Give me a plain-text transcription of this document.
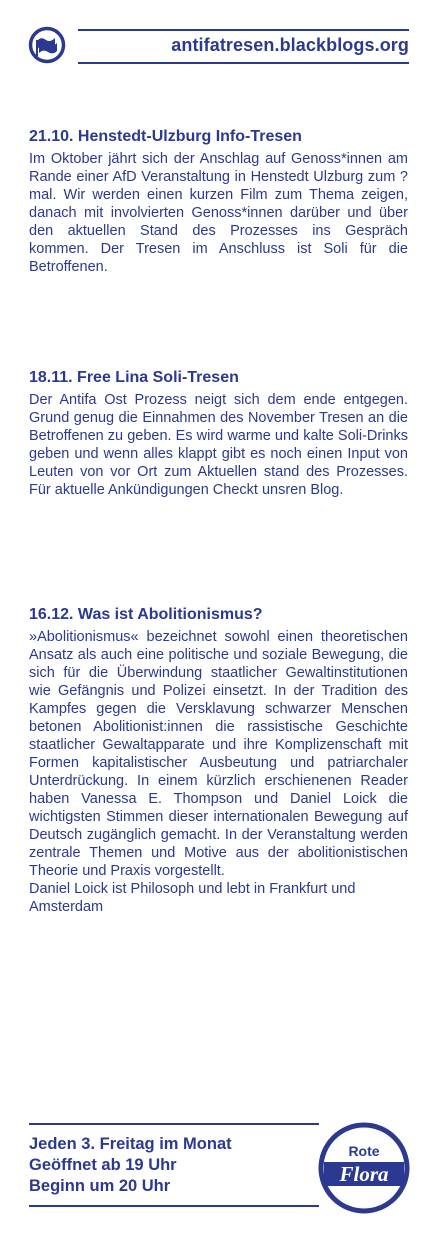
antifatresen.blackblogs.org
21.10. Henstedt-Ulzburg Info-Tresen

Im Oktober jährt sich der Anschlag auf Genoss*innen am Rande einer AfD Veranstaltung in Henstedt Ulzburg zum ? mal. Wir werden einen kurzen Film zum Thema zeigen, danach mit involvierten Genoss*innen darüber und über den aktuellen Stand des Prozesses ins Gespräch kommen. Der Tresen im Anschluss ist Soli für die Betroffenen.

18.11. Free Lina Soli-Tresen

Der Antifa Ost Prozess neigt sich dem ende entgegen. Grund genug die Einnahmen des November Tresen an die Betroffenen zu geben. Es wird warme und kalte Soli-Drinks geben und wenn alles klappt gibt es noch einen Input von Leuten von vor Ort zum Aktuellen stand des Prozesses. Für aktuelle Ankündigungen Checkt unsren Blog.

16.12. Was ist Abolitionismus?

»Abolitionismus« bezeichnet sowohl einen theoretischen Ansatz als auch eine politische und soziale Bewegung, die sich für die Überwindung staatlicher Gewaltinstitutionen wie Gefängnis und Polizei einsetzt. In der Tradition des Kampfes gegen die Versklavung schwarzer Menschen betonen Abolitionist:innen die rassistische Geschichte staatlicher Gewaltapparate und ihre Komplizenschaft mit Formen kapitalistischer Ausbeutung und patriarchaler Unterdrückung. In einem kürzlich erschienenen Reader haben Vanessa E. Thompson und Daniel Loick die wichtigsten Stimmen dieser internationalen Bewegung auf Deutsch zugänglich gemacht. In der Veranstaltung werden zentrale Themen und Motive aus der abolitionistischen Theorie und Praxis vorgestellt.

Daniel Loick ist Philosoph und lebt in Frankfurt und Amsterdam

Jeden 3. Freitag im Monat
Geöffnet ab 19 Uhr
Beginn um 20 Uhr
Rote
Flora
